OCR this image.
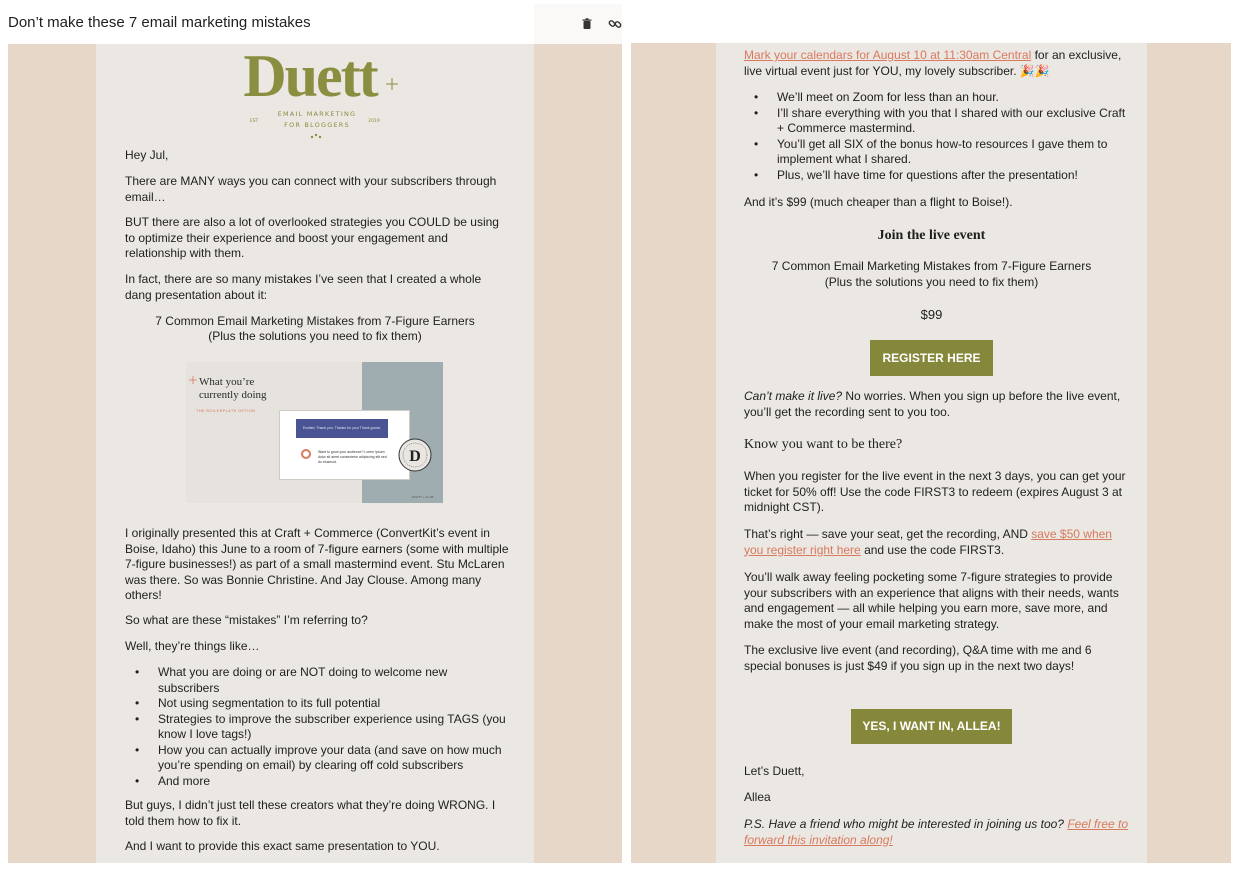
Don’t make these 7 email marketing mistakes
Duett
EMAIL MARKETING
FOR BLOGGERS
EST	2019
Hey Jul,
There are MANY ways you can connect with your subscribers through email…
BUT there are also a lot of overlooked strategies you COULD be using to optimize their experience and boost your engagement and relationship with them.
In fact, there are so many mistakes I’ve seen that I created a whole dang presentation about it:
7 Common Email Marketing Mistakes from 7-Figure Earners
(Plus the solutions you need to fix them)
What you’re
currently doing
THE BOILERPLATE OPTION
Excited. Thank you. Thanks for your Thank goods.
Want to grow your audience? Lorem ipsum dolor sit amet consectetur adipiscing elit sed do eiusmod.	D
DUETT + CLUB
I originally presented this at Craft + Commerce (ConvertKit’s event in Boise, Idaho) this June to a room of 7-figure earners (some with multiple 7-figure businesses!) as part of a small mastermind event. Stu McLaren was there. So was Bonnie Christine. And Jay Clouse. Among many others!
So what are these “mistakes” I’m referring to?
Well, they’re things like…
• What you are doing or are NOT doing to welcome new subscribers
• Not using segmentation to its full potential
• Strategies to improve the subscriber experience using TAGS (you know I love tags!)
• How you can actually improve your data (and save on how much you’re spending on email) by clearing off cold subscribers
• And more
But guys, I didn’t just tell these creators what they’re doing WRONG. I told them how to fix it.
And I want to provide this exact same presentation to YOU.
Mark your calendars for August 10 at 11:30am Central for an exclusive, live virtual event just for YOU, my lovely subscriber. 🎉🎉
• We’ll meet on Zoom for less than an hour.
• I’ll share everything with you that I shared with our exclusive Craft + Commerce mastermind.
• You’ll get all SIX of the bonus how-to resources I gave them to implement what I shared.
• Plus, we’ll have time for questions after the presentation!
And it’s $99 (much cheaper than a flight to Boise!).
Join the live event
7 Common Email Marketing Mistakes from 7-Figure Earners
(Plus the solutions you need to fix them)
$99
REGISTER HERE
Can’t make it live? No worries. When you sign up before the live event, you’ll get the recording sent to you too.
Know you want to be there?
When you register for the live event in the next 3 days, you can get your ticket for 50% off! Use the code FIRST3 to redeem (expires August 3 at midnight CST).
That’s right — save your seat, get the recording, AND save $50 when you register right here and use the code FIRST3.
You’ll walk away feeling pocketing some 7-figure strategies to provide your subscribers with an experience that aligns with their needs, wants and engagement — all while helping you earn more, save more, and make the most of your email marketing strategy.
The exclusive live event (and recording), Q&A time with me and 6 special bonuses is just $49 if you sign up in the next two days!
YES, I WANT IN, ALLEA!
Let’s Duett,
Allea
P.S. Have a friend who might be interested in joining us too? Feel free to forward this invitation along!
